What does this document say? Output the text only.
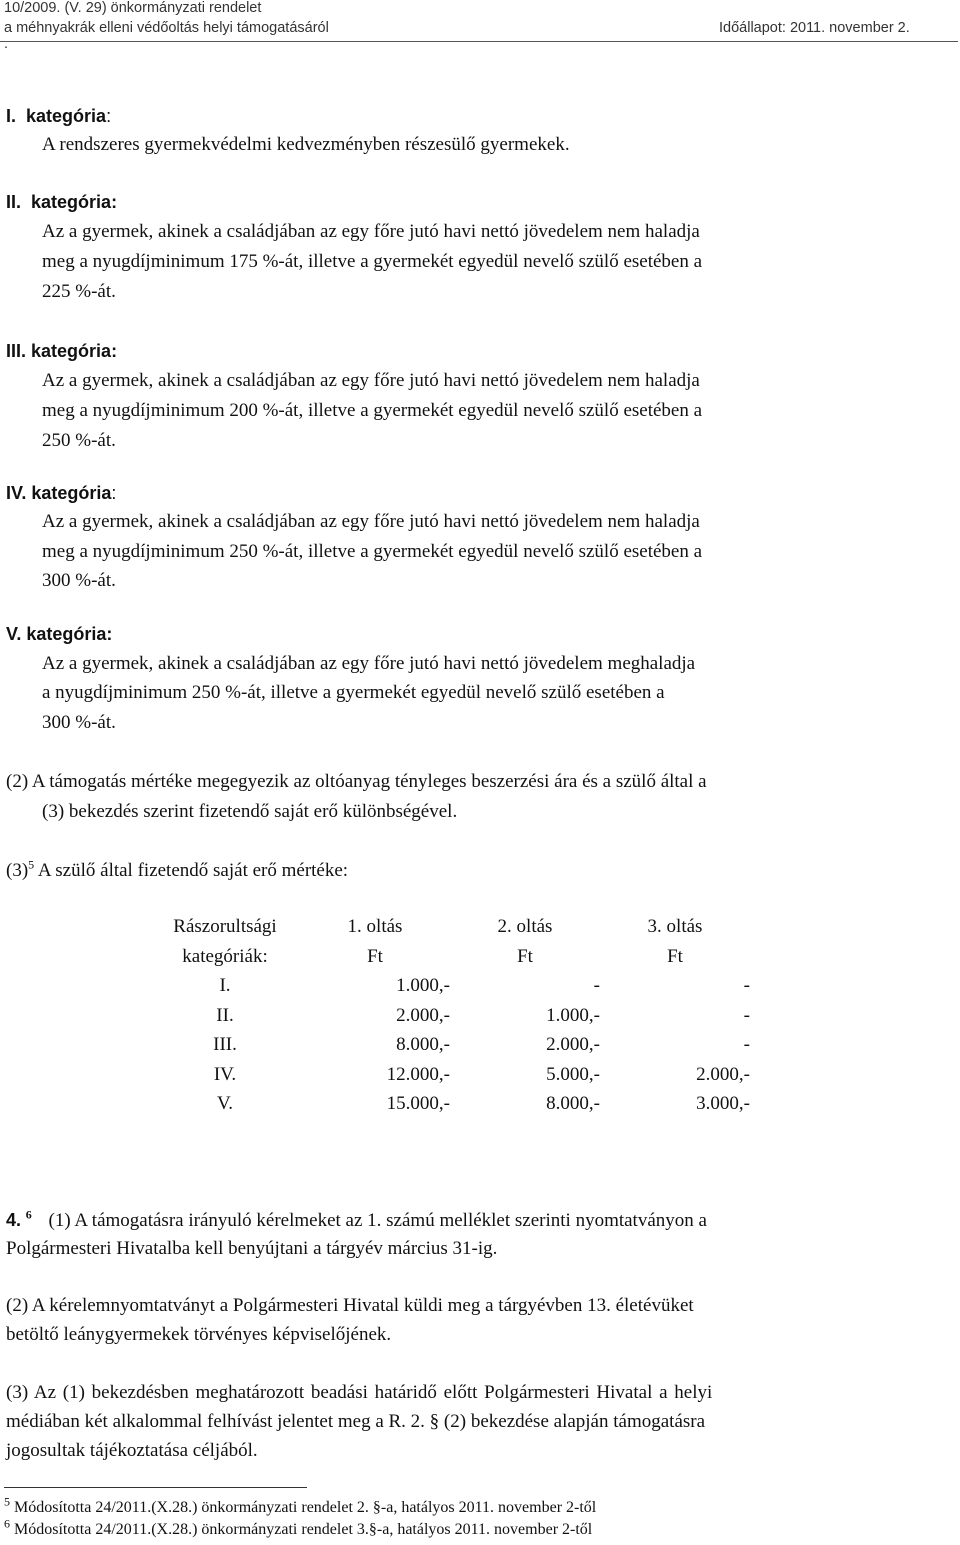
10/2009. (V. 29) önkormányzati rendelet
a méhnyakrák elleni védőoltás helyi támogatásáról	Időállapot: 2011. november 2.
.
I. kategória:
A rendszeres gyermekvédelmi kedvezményben részesülő gyermekek.
II. kategória:
Az a gyermek, akinek a családjában az egy főre jutó havi nettó jövedelem nem haladja
meg a nyugdíjminimum 175 %-át, illetve a gyermekét egyedül nevelő szülő esetében a
225 %-át.
III. kategória:
Az a gyermek, akinek a családjában az egy főre jutó havi nettó jövedelem nem haladja
meg a nyugdíjminimum 200 %-át, illetve a gyermekét egyedül nevelő szülő esetében a
250 %-át.
IV. kategória:
Az a gyermek, akinek a családjában az egy főre jutó havi nettó jövedelem nem haladja
meg a nyugdíjminimum 250 %-át, illetve a gyermekét egyedül nevelő szülő esetében a
300 %-át.
V. kategória:
Az a gyermek, akinek a családjában az egy főre jutó havi nettó jövedelem meghaladja
a nyugdíjminimum 250 %-át, illetve a gyermekét egyedül nevelő szülő esetében a
300 %-át.
(2) A támogatás mértéke megegyezik az oltóanyag tényleges beszerzési ára és a szülő által a
(3) bekezdés szerint fizetendő saját erő különbségével.
$(3)^5$ A szülő által fizetendő saját erő mértéke:
Rászorultsági	1. oltás	2. oltás	3. oltás
kategóriák:	Ft	Ft	Ft
I.	1.000,-	-	-
II.	2.000,-	1.000,-	-
III.	8.000,-	2.000,-	-
IV.	12.000,-	5.000,-	2.000,-
V.	15.000,-	8.000,-	3.000,-
4. $^6$ (1) A támogatásra irányuló kérelmeket az 1. számú melléklet szerinti nyomtatványon a
Polgármesteri Hivatalba kell benyújtani a tárgyév március 31-ig.
(2) A kérelemnyomtatványt a Polgármesteri Hivatal küldi meg a tárgyévben 13. életévüket
betöltő leánygyermekek törvényes képviselőjének.
(3) Az (1) bekezdésben meghatározott beadási határidő előtt Polgármesteri Hivatal a helyi
médiában két alkalommal felhívást jelentet meg a R. 2. § (2) bekezdése alapján támogatásra
jogosultak tájékoztatása céljából.
$^5$ Módosította 24/2011.(X.28.) önkormányzati rendelet 2. §-a, hatályos 2011. november 2-től
$^6$ Módosította 24/2011.(X.28.) önkormányzati rendelet 3.§-a, hatályos 2011. november 2-től
